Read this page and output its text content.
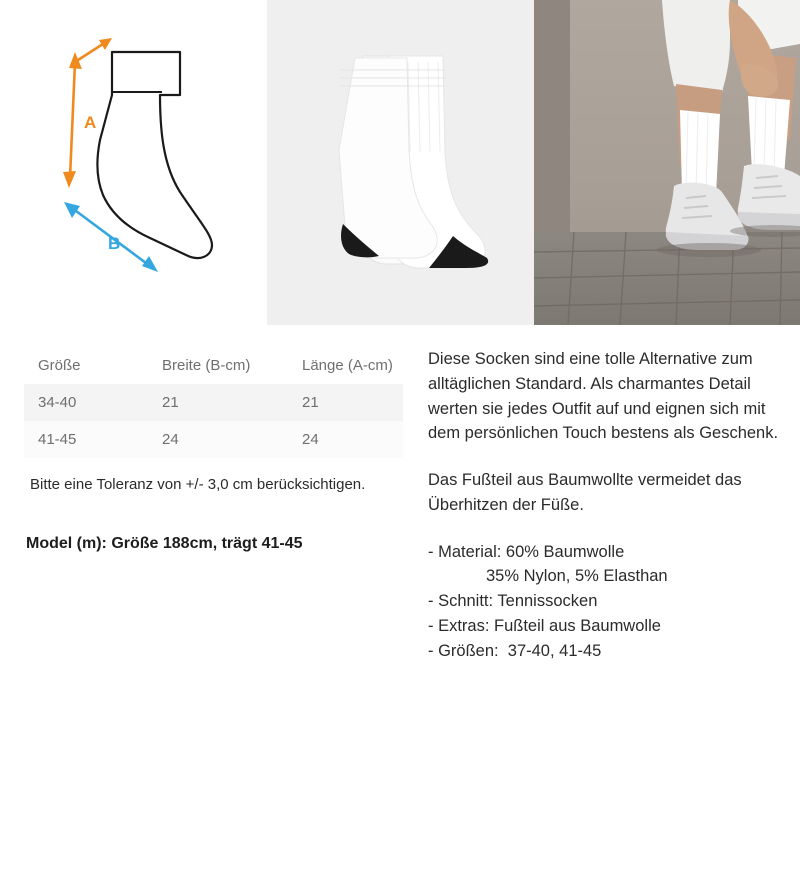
A
B
Größe	Breite (B-cm)	Länge (A-cm)
34-40	21	21
41-45	24	24
Bitte eine Toleranz von +/- 3,0 cm berücksichtigen.
Model (m): Größe 188cm, trägt 41-45

Diese Socken sind eine tolle Alternative zum alltäglichen Standard. Als charmantes Detail werten sie jedes Outfit auf und eignen sich mit dem persönlichen Touch bestens als Geschenk.

Das Fußteil aus Baumwollte vermeidet das Überhitzen der Füße.

- Material: 60% Baumwolle
35% Nylon, 5% Elasthan
- Schnitt: Tennissocken
- Extras: Fußteil aus Baumwolle
- Größen:  37-40, 41-45
